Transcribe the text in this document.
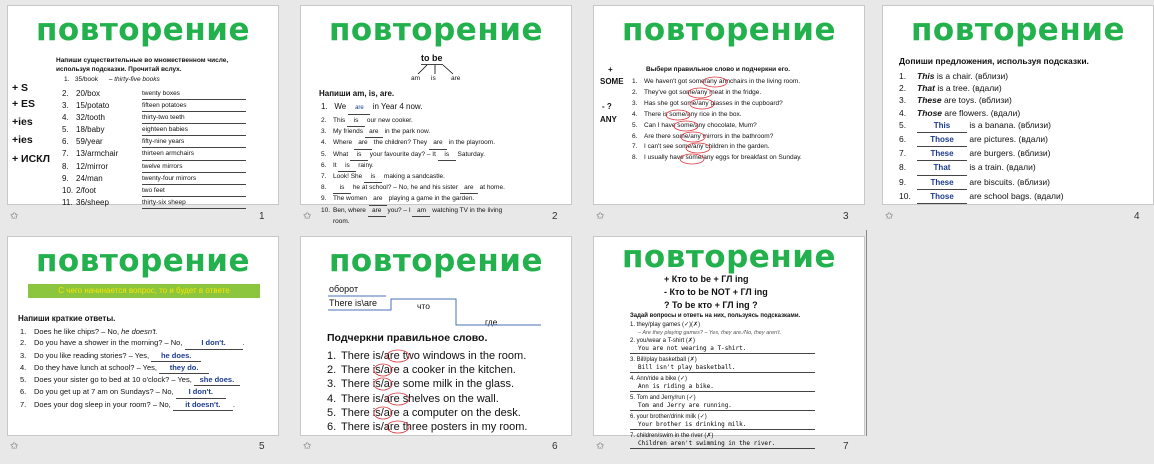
повторение
Напиши существительные во множественном числе,
используя подсказки. Прочитай вслух.
1. 35/book – thirty-five books
+ S
+ ES
+ies
+ies
+ ИСКЛ
2. 20/box	twenty boxes
3. 15/potato	fifteen potatoes
4. 32/tooth	thirty-two teeth
5. 18/baby	eighteen babies
6. 59/year	fifty-nine years
7. 13/armchair	thirteen armchairs
8. 12/mirror	twelve mirrors
9. 24/man	twenty-four mirrors
10. 2/foot	two feet
11. 36/sheep	thirty-six sheep
✩	1
повторение
to be
am is are
Напиши am, is, are.
1. We are in Year 4 now.
2. This is our new cooker.
3. My friends are in the park now.
4. Where are the children? They are in the playroom.
5. What is your favourite day? – It is Saturday.
6. It is rainy.
7. Look! She is making a sandcastle.
8. is he at school? – No, he and his sister are at home.
9. The women are playing a game in the garden.
10. Ben, where are you? – I am watching TV in the living
room.
✩	2
повторение
Выбери правильное слово и подчеркни его.
+
SOME
- ?
ANY
1. We haven't got some/any armchairs in the living room.
2. They've got some/any meat in the fridge.
3. Has she got some/any glasses in the cupboard?
4. There is some/any rice in the box.
5. Can I have some/any chocolate, Mum?
6. Are there some/any mirrors in the bathroom?
7. I can't see some/any children in the garden.
8. I usually have some/any eggs for breakfast on Sunday.
✩	3
повторение
Допиши предложения, используя подсказки.
1. This is a chair. (вблизи)
2. That is a tree. (вдали)
3. These are toys. (вблизи)
4. Those are flowers. (вдали)
5.	This is a banana. (вблизи)
6.	Those are pictures. (вдали)
7.	These are burgers. (вблизи)
8.	That is a train. (вдали)
9.	These are biscuits. (вблизи)
10. Those are school bags. (вдали)
✩	4
повторение
С чего начинается вопрос, то и будет в ответе
Напиши краткие ответы.
1. Does he like chips? – No, he doesn't.
2. Do you have a shower in the morning? – No,	I don't. .
3. Do you like reading stories? – Yes, he does.
4. Do they have lunch at school? – Yes, they do.
5. Does your sister go to bed at 10 o'clock? – Yes, she does.
6. Do you get up at 7 am on Sundays? – No, I don't.
7. Does your dog sleep in your room? – No, it doesn't. .
✩	5
повторение
оборот
There is\are	что
где
Подчеркни правильное слово.
1. There is/are two windows in the room.
2. There is/are a cooker in the kitchen.
3. There is/are some milk in the glass.
4. There is/are shelves on the wall.
5. There is/are a computer on the desk.
6. There is/are three posters in my room.
✩	6
повторение
+ Кто to be + ГЛ ing
- Кто to be NOT + ГЛ ing
? To be кто + ГЛ ing ?
Задай вопросы и ответь на них, пользуясь подсказками.
1. they/play games (✓)(✗)
– Are they playing games? – Yes, they are./No, they aren't.
2. you/wear a T-shirt (✗)
You are not wearing a T-shirt.
3. Bill/play basketball (✗)
Bill isn't play basketball.
4. Ann/ride a bike (✓)
Ann is riding a bike.
5. Tom and Jerry/run (✓)
Tom and Jerry are running.
6. your brother/drink milk (✓)
Your brother is drinking milk.
7. children/swim in the river (✗)
Children aren't swimming in the river.
✩	7
